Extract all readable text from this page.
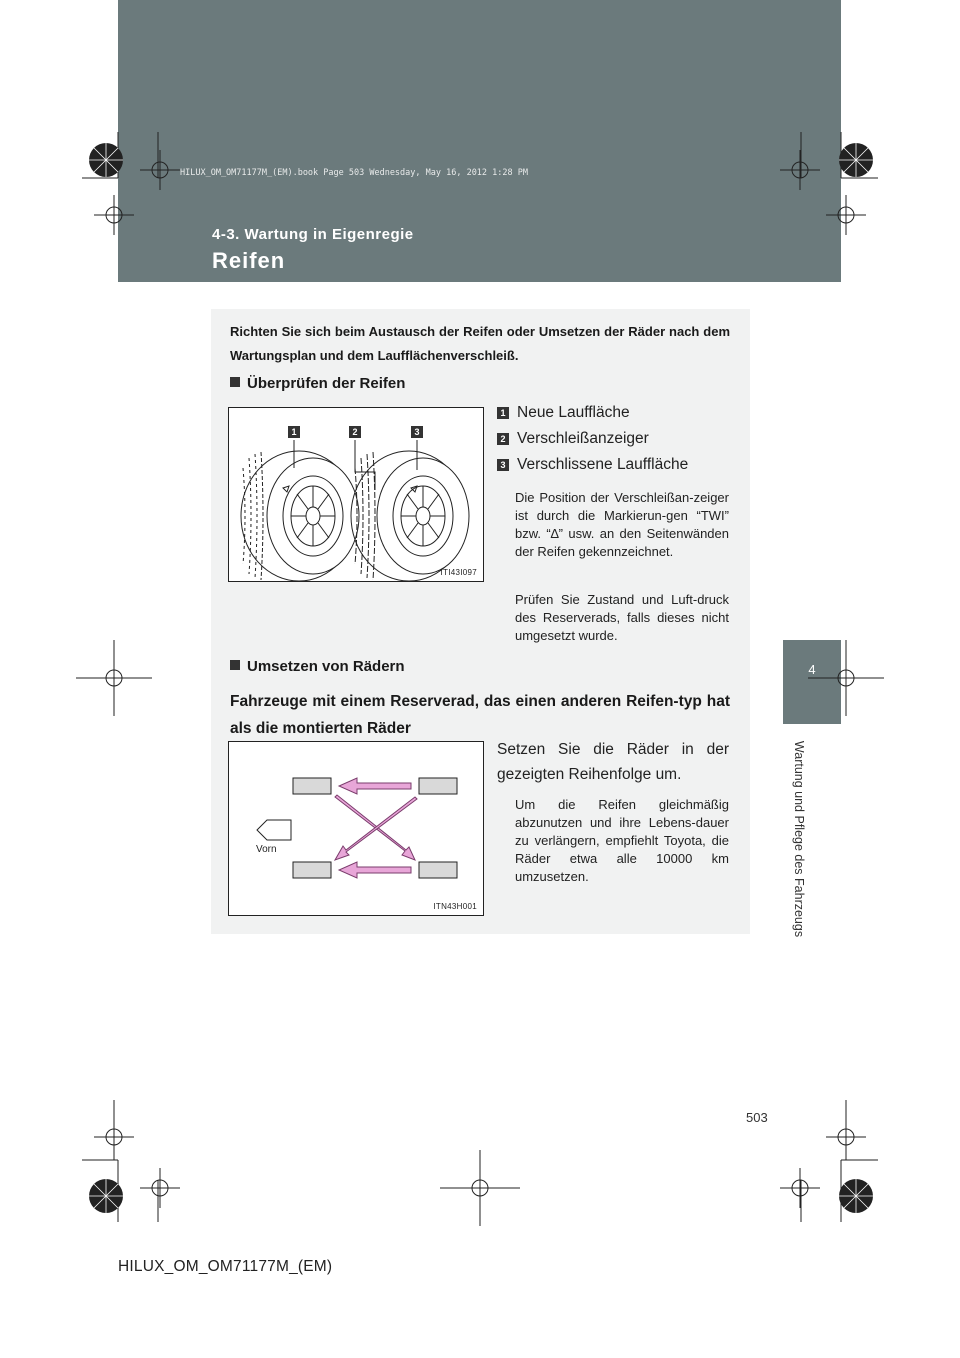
HILUX_OM_OM71177M_(EM).book Page 503 Wednesday, May 16, 2012 1:28 PM
4-3. Wartung in Eigenregie
Reifen
4
Wartung und Pflege des Fahrzeugs
Richten Sie sich beim Austausch der Reifen oder Umsetzen der Räder nach dem Wartungsplan und dem Laufflächenverschleiß.
Überprüfen der Reifen
1	2	3
ITI43I097
1 Neue Lauffläche
2 Verschleißanzeiger
3 Verschlissene Lauffläche
Die Position der Verschleißan-zeiger ist durch die Markierun-gen “TWI” bzw. “∆” usw. an den Seitenwänden der Reifen gekennzeichnet.
Prüfen Sie Zustand und Luft-druck des Reserverads, falls dieses nicht umgesetzt wurde.
Umsetzen von Rädern
Fahrzeuge mit einem Reserverad, das einen anderen Reifen-typ hat als die montierten Räder
Vorn
ITN43H001
Setzen Sie die Räder in der gezeigten Reihenfolge um.
Um die Reifen gleichmäßig abzunutzen und ihre Lebens-dauer zu verlängern, empfiehlt Toyota, die Räder etwa alle 10000 km umzusetzen.
503
HILUX_OM_OM71177M_(EM)
